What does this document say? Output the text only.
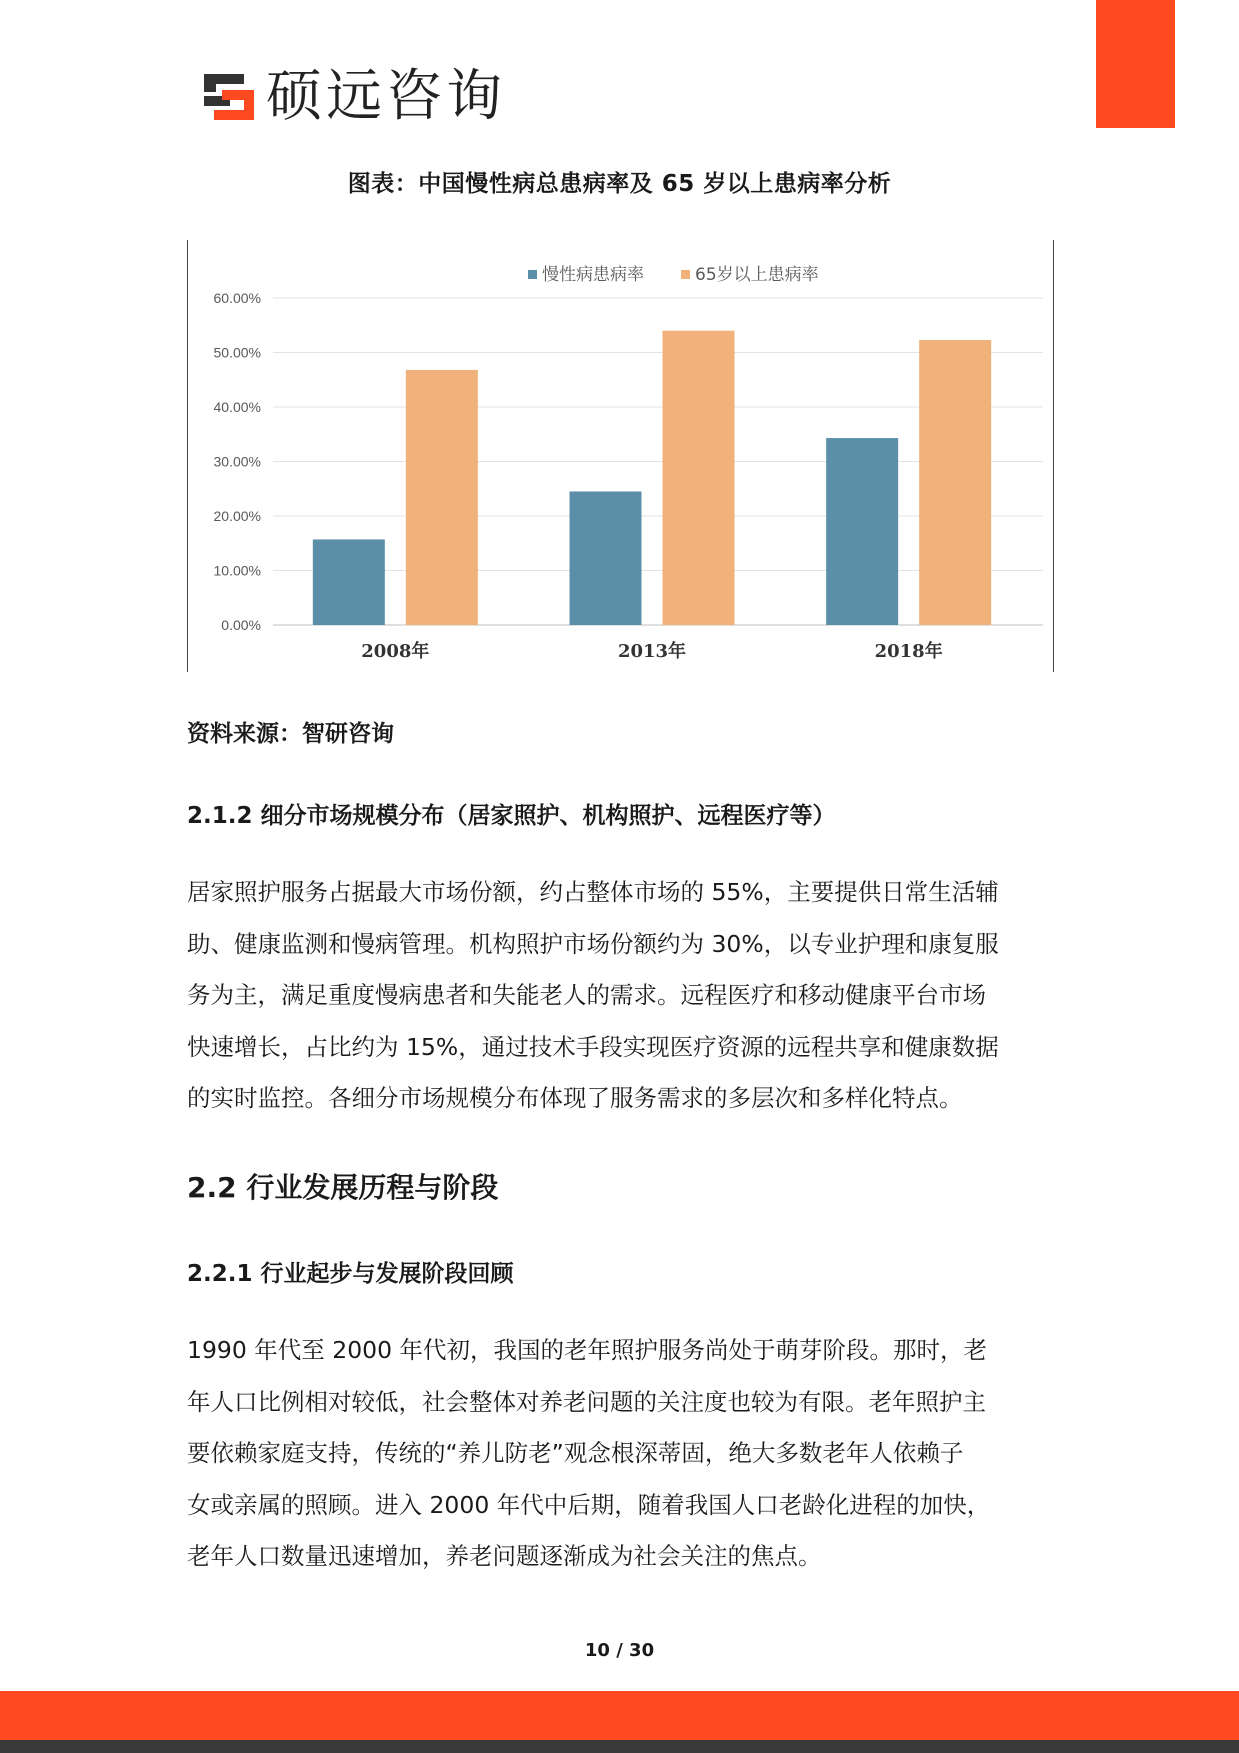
硕远咨询
图表：中国慢性病总患病率及 65 岁以上患病率分析
0.00%
10.00%
20.00%
30.00%
40.00%
50.00%
60.00%
2008年	2013年	2018年
慢性病患病率	65岁以上患病率
资料来源：智研咨询
2.1.2 细分市场规模分布（居家照护、机构照护、远程医疗等）
居家照护服务占据最大市场份额，约占整体市场的 55%，主要提供日常生活辅
助、健康监测和慢病管理。机构照护市场份额约为 30%，以专业护理和康复服
务为主，满足重度慢病患者和失能老人的需求。远程医疗和移动健康平台市场
快速增长，占比约为 15%，通过技术手段实现医疗资源的远程共享和健康数据
的实时监控。各细分市场规模分布体现了服务需求的多层次和多样化特点。
2.2 行业发展历程与阶段
2.2.1 行业起步与发展阶段回顾
1990 年代至 2000 年代初，我国的老年照护服务尚处于萌芽阶段。那时，老
年人口比例相对较低，社会整体对养老问题的关注度也较为有限。老年照护主
要依赖家庭支持，传统的“养儿防老”观念根深蒂固，绝大多数老年人依赖子
女或亲属的照顾。进入 2000 年代中后期，随着我国人口老龄化进程的加快，
老年人口数量迅速增加，养老问题逐渐成为社会关注的焦点。
10 / 30
